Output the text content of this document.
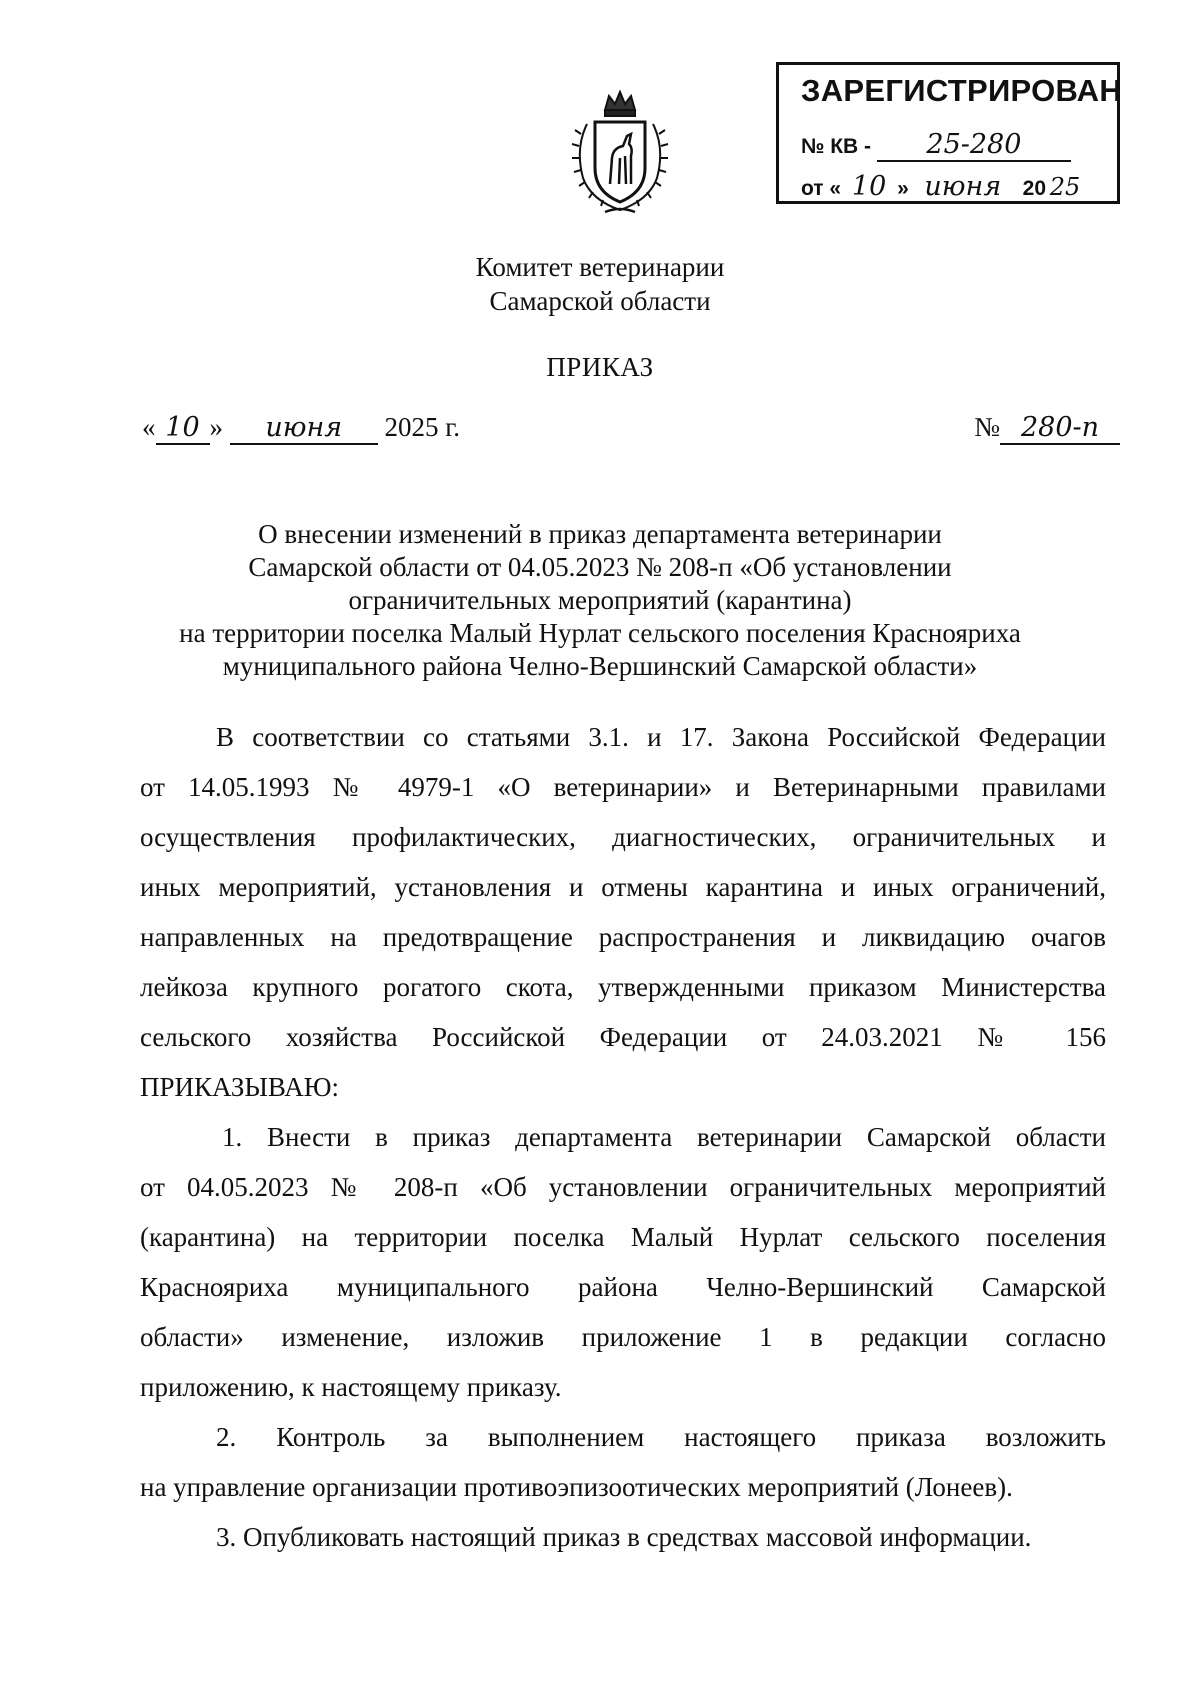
ЗАРЕГИСТРИРОВАН
№ КВ - 25-280
от « 10 » июня 20 25
Комитет ветеринарии
Самарской области
ПРИКАЗ
« 10 » июня 2025 г.	№ 280-п
О внесении изменений в приказ департамента ветеринарии
Самарской области от 04.05.2023 № 208-п «Об установлении
ограничительных мероприятий (карантина)
на территории поселка Малый Нурлат сельского поселения Краснояриха
муниципального района Челно-Вершинский Самарской области»
В соответствии со статьями 3.1. и 17. Закона Российской Федерации
от 14.05.1993 № 4979-1 «О ветеринарии» и Ветеринарными правилами
осуществления профилактических, диагностических, ограничительных и
иных мероприятий, установления и отмены карантина и иных ограничений,
направленных на предотвращение распространения и ликвидацию очагов
лейкоза крупного рогатого скота, утвержденными приказом Министерства
сельского хозяйства Российской Федерации от 24.03.2021 № 156
ПРИКАЗЫВАЮ:
1. Внести в приказ департамента ветеринарии Самарской области
от 04.05.2023 № 208-п «Об установлении ограничительных мероприятий
(карантина) на территории поселка Малый Нурлат сельского поселения
Краснояриха муниципального района Челно-Вершинский Самарской
области» изменение, изложив приложение 1 в редакции согласно
приложению, к настоящему приказу.
2. Контроль за выполнением настоящего приказа возложить
на управление организации противоэпизоотических мероприятий (Лонеев).
3. Опубликовать настоящий приказ в средствах массовой информации.
